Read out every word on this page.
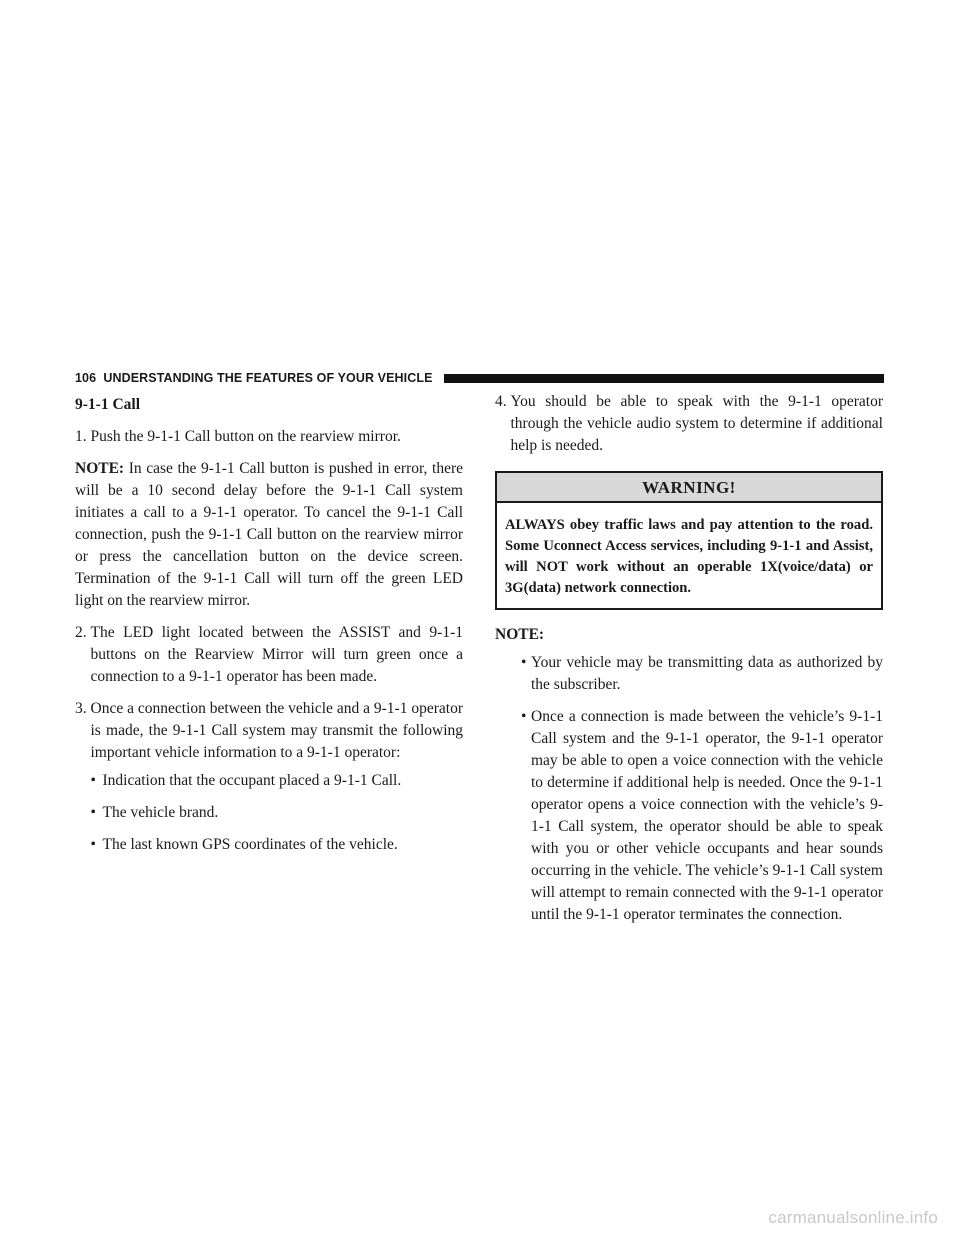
106 UNDERSTANDING THE FEATURES OF YOUR VEHICLE

9-1-1 Call

1. Push the 9-1-1 Call button on the rearview mirror.

NOTE: In case the 9-1-1 Call button is pushed in error, there will be a 10 second delay before the 9-1-1 Call system initiates a call to a 9-1-1 operator. To cancel the 9-1-1 Call connection, push the 9-1-1 Call button on the rearview mirror or press the cancellation button on the device screen. Termination of the 9-1-1 Call will turn off the green LED light on the rearview mirror.

2. The LED light located between the ASSIST and 9-1-1 buttons on the Rearview Mirror will turn green once a connection to a 9-1-1 operator has been made.
3. Once a connection between the vehicle and a 9-1-1 operator is made, the 9-1-1 Call system may transmit the following important vehicle information to a 9-1-1 operator:
• Indication that the occupant placed a 9-1-1 Call.
• The vehicle brand.
• The last known GPS coordinates of the vehicle.
4. You should be able to speak with the 9-1-1 operator through the vehicle audio system to determine if additional help is needed.
WARNING!
ALWAYS obey traffic laws and pay attention to the road. Some Uconnect Access services, including 9-1-1 and Assist, will NOT work without an operable 1X(voice/data) or 3G(data) network connection.

NOTE:

• Your vehicle may be transmitting data as authorized by the subscriber.
• Once a connection is made between the vehicle’s 9-1-1 Call system and the 9-1-1 operator, the 9-1-1 operator may be able to open a voice connection with the vehicle to determine if additional help is needed. Once the 9-1-1 operator opens a voice connection with the vehicle’s 9-1-1 Call system, the operator should be able to speak with you or other vehicle occupants and hear sounds occurring in the vehicle. The vehicle’s 9-1-1 Call system will attempt to remain connected with the 9-1-1 operator until the 9-1-1 operator terminates the connection.
carmanualsonline.info
